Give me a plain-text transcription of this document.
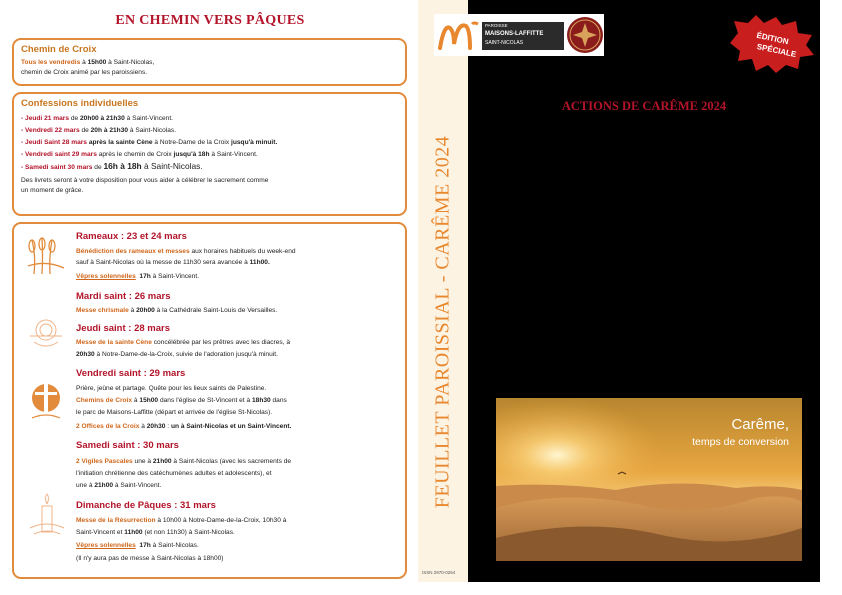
EN CHEMIN VERS PÂQUES
Chemin de Croix
Tous les vendredis à 15h00 à Saint-Nicolas,
chemin de Croix animé par les paroissiens.
Confessions individuelles
- Jeudi 21 mars de 20h00 à 21h30 à Saint-Vincent.
- Vendredi 22 mars de 20h à 21h30 à Saint-Nicolas.
- Jeudi Saint 28 mars après la sainte Cène à Notre-Dame de la Croix jusqu'à minuit.
- Vendredi saint 29 mars après le chemin de Croix jusqu'à 18h à Saint-Vincent.
- Samedi saint 30 mars de 16h à 18h à Saint-Nicolas.
Des livrets seront à votre disposition pour vous aider à célébrer le sacrement comme
un moment de grâce.
Rameaux : 23 et 24 mars
Bénédiction des rameaux et messes aux horaires habituels du week-end
sauf à Saint-Nicolas où la messe de 11h30 sera avancée à 11h00.
Vêpres solennelles 17h à Saint-Vincent.
Mardi saint : 26 mars
Messe chrismale à 20h00 à la Cathédrale Saint-Louis de Versailles.
Jeudi saint : 28 mars
Messe de la sainte Cène concélébrée par les prêtres avec les diacres, à
20h30 à Notre-Dame-de-la-Croix, suivie de l'adoration jusqu'à minuit.
Vendredi saint : 29 mars
Prière, jeûne et partage. Quête pour les lieux saints de Palestine.
Chemins de Croix à 15h00 dans l'église de St-Vincent et à 18h30 dans
le parc de Maisons-Laffitte (départ et arrivée de l'église St-Nicolas).
2 Offices de la Croix à 20h30 : un à Saint-Nicolas et un Saint-Vincent.
Samedi saint : 30 mars
2 Vigiles Pascales une à 21h00 à Saint-Nicolas (avec les sacrements de
l'initiation chrétienne des catéchumènes adultes et adolescents), et
une à 21h00 à Saint-Vincent.
Dimanche de Pâques : 31 mars
Messe de la Résurrection à 10h00 à Notre-Dame-de-la-Croix, 10h30 à
Saint-Vincent et 11h00 (et non 11h30) à Saint-Nicolas.
Vêpres solennelles 17h à Saint-Nicolas.
(Il n'y aura pas de messe à Saint-Nicolas à 18h00)
FEUILLET PAROISSIAL - CARÊME 2024
ISSN 2970-0264
PAROISSE
MAISONS-LAFFITTE
SAINT-NICOLAS	ÉDITION
SPÉCIALE
ACTIONS DE CARÊME 2024
Carême,
temps de conversion
